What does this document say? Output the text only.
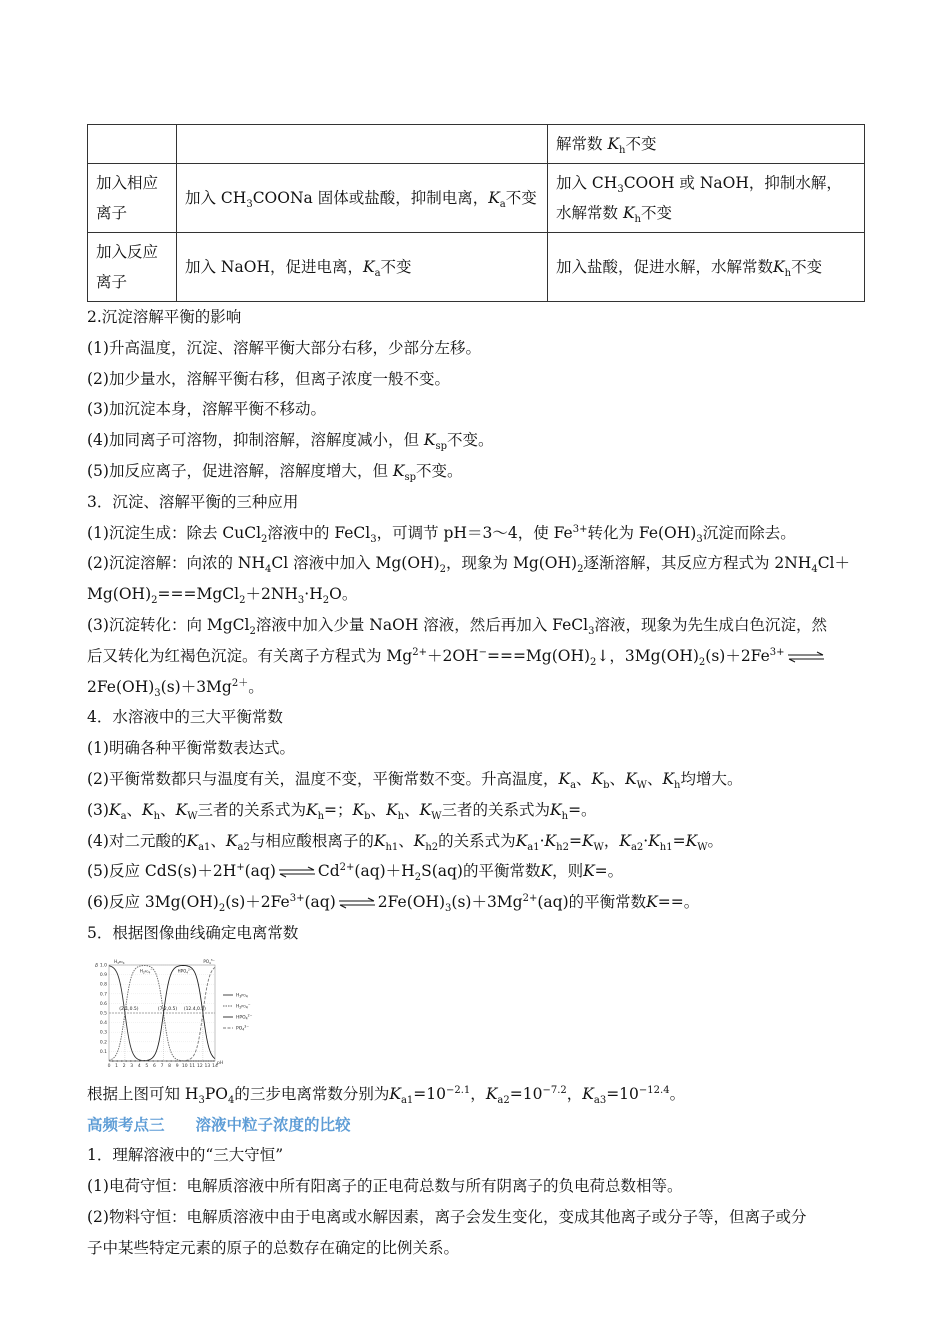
		解常数 $K_h$不变
加入相应离子	加入 $CH_3COONa$ 固体或盐酸，抑制电离，$K_a$不变	加入 $CH_3COOH$ 或 NaOH，抑制水解，水解常数 $K_h$不变
加入反应离子	加入 NaOH，促进电离，$K_a$不变	加入盐酸，促进水解，水解常数$K_h$不变
2.沉淀溶解平衡的影响
(1)升高温度，沉淀、溶解平衡大部分右移，少部分左移。
(2)加少量水，溶解平衡右移，但离子浓度一般不变。
(3)加沉淀本身，溶解平衡不移动。
(4)加同离子可溶物，抑制溶解，溶解度减小，但 $K_{sp}$不变。
(5)加反应离子，促进溶解，溶解度增大，但 $K_{sp}$不变。
3．沉淀、溶解平衡的三种应用
(1)沉淀生成：除去 CuCl$_2$溶液中的 FeCl$_3$，可调节 pH＝3～4，使 $Fe^{3+}$转化为 $Fe(OH)_3$沉淀而除去。
(2)沉淀溶解：向浓的 $NH_4Cl$ 溶液中加入 $Mg(OH)_2$，现象为 $Mg(OH)_2$逐渐溶解，其反应方程式为 $2NH_4Cl+$
$Mg(OH)_2===MgCl_2+2NH_3\cdot H_2O$。
(3)沉淀转化：向 MgCl$_2$溶液中加入少量 NaOH 溶液，然后再加入 FeCl$_3$溶液，现象为先生成白色沉淀，然
后又转化为红褐色沉淀。有关离子方程式为 $Mg^{2+}+2OH^-===Mg(OH)_2↓$，$3Mg(OH)_2(s)+2Fe^{3+}$ ⇌
$2Fe(OH)_3(s)+3Mg^{2+}$。
4．水溶液中的三大平衡常数
(1)明确各种平衡常数表达式。
(2)平衡常数都只与温度有关，温度不变，平衡常数不变。升高温度，$K_a$、$K_b$、$K_W$、$K_h$均增大。
$(3)K_a$、$K_h$、$K_W$三者的关系式为$K_h=$；$K_b$、$K_h$、$K_W$三者的关系式为$K_h=$。
(4)对二元酸的$K_{a1}$、$K_{a2}$与相应酸根离子的$K_{h1}$、$K_{h2}$的关系式为$K_{a1}\cdot K_{h2}=K_W$，$K_{a2}\cdot K_{h1}=K_W$。
(5)反应 CdS(s)＋2H+(aq) ⇌ $Cd^{2+}(aq)+H_2S(aq)$的平衡常数K，则K=。
(6)反应 $3Mg(OH)_2(s)+2Fe^{3+}(aq)$ ⇌ $2Fe(OH)_3(s)+3Mg^{2+}(aq)$的平衡常数K==。
5．根据图像曲线确定电离常数
0.1
0.2
0.3
0.4
0.5
0.6
0.7
0.8
0.9
1.0
0 1 2 3 4 5 6 7 8 9 10 11 12 13 14
δ
pH
(2.1,0.5)	(7.2,0.5) (12.4,0.5)
$H_3^{PO}_4$
$H_2^{PO}_4^-$	$HPO_4^{2-}$
$PO_4^{3-}$
$H_3^{PO}_4$
$H_2^{PO}_4^-$
$HPO_4^{2-}$
$PO_4^{3-}$
根据上图可知 $H_3PO_4$的三步电离常数分别为$K_{a1}=10^{-2.1}$，$K_{a2}=10^{-7.2}$，$K_{a3}=10^{-12.4}$。
高频考点三　　溶液中粒子浓度的比较
1．理解溶液中的“三大守恒”
(1)电荷守恒：电解质溶液中所有阳离子的正电荷总数与所有阴离子的负电荷总数相等。
(2)物料守恒：电解质溶液中由于电离或水解因素，离子会发生变化，变成其他离子或分子等，但离子或分
子中某些特定元素的原子的总数存在确定的比例关系。
